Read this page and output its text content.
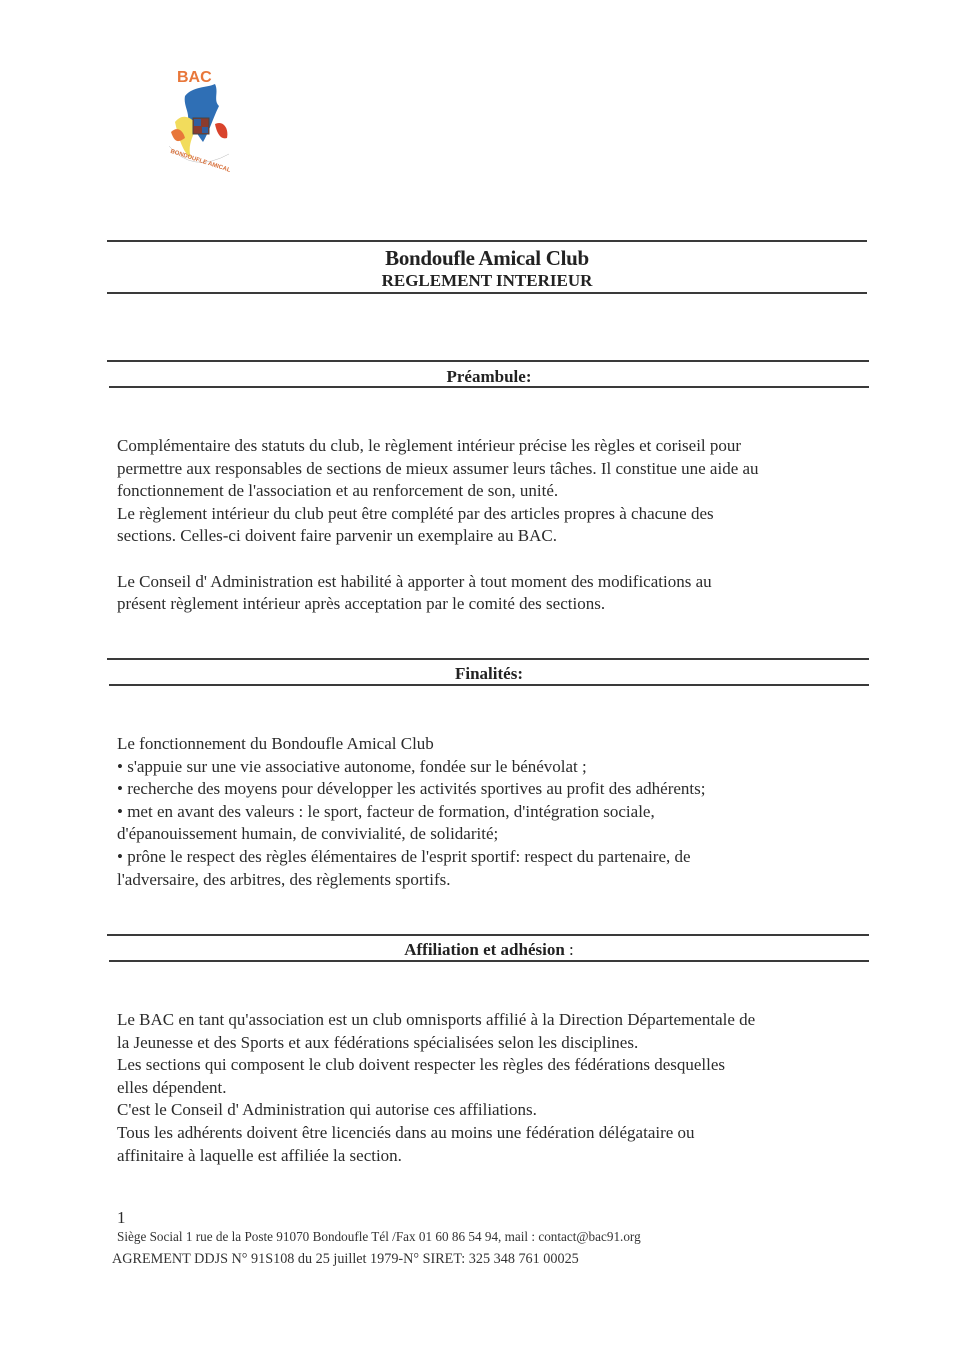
BAC
BONDOUFLE AMICAL
Bondoufle Amical Club
REGLEMENT INTERIEUR
Préambule:
Complémentaire des statuts du club, le règlement intérieur précise les règles et coriseil pour
permettre aux responsables de sections de mieux assumer leurs tâches. Il constitue une aide au
fonctionnement de l'association et au renforcement de son, unité.
Le règlement intérieur du club peut être complété par des articles propres à chacune des
sections. Celles-ci doivent faire parvenir un exemplaire au BAC.
Le Conseil d' Administration est habilité à apporter à tout moment des modifications au
présent règlement intérieur après acceptation par le comité des sections.
Finalités:
Le fonctionnement du Bondoufle Amical Club
• s'appuie sur une vie associative autonome, fondée sur le bénévolat ;
• recherche des moyens pour développer les activités sportives au profit des adhérents;
• met en avant des valeurs : le sport, facteur de formation, d'intégration sociale,
d'épanouissement humain, de convivialité, de solidarité;
• prône le respect des règles élémentaires de l'esprit sportif: respect du partenaire, de
l'adversaire, des arbitres, des règlements sportifs.
Affiliation et adhésion :
Le BAC en tant qu'association est un club omnisports affilié à la Direction Départementale de
la Jeunesse et des Sports et aux fédérations spécialisées selon les disciplines.
Les sections qui composent le club doivent respecter les règles des fédérations desquelles
elles dépendent.
C'est le Conseil d' Administration qui autorise ces affiliations.
Tous les adhérents doivent être licenciés dans au moins une fédération délégataire ou
affinitaire à laquelle est affiliée la section.
1
Siège Social 1 rue de la Poste 91070 Bondoufle Tél /Fax 01 60 86 54 94, mail : contact@bac91.org
AGREMENT DDJS N° 91S108 du 25 juillet 1979-N° SIRET: 325 348 761 00025
